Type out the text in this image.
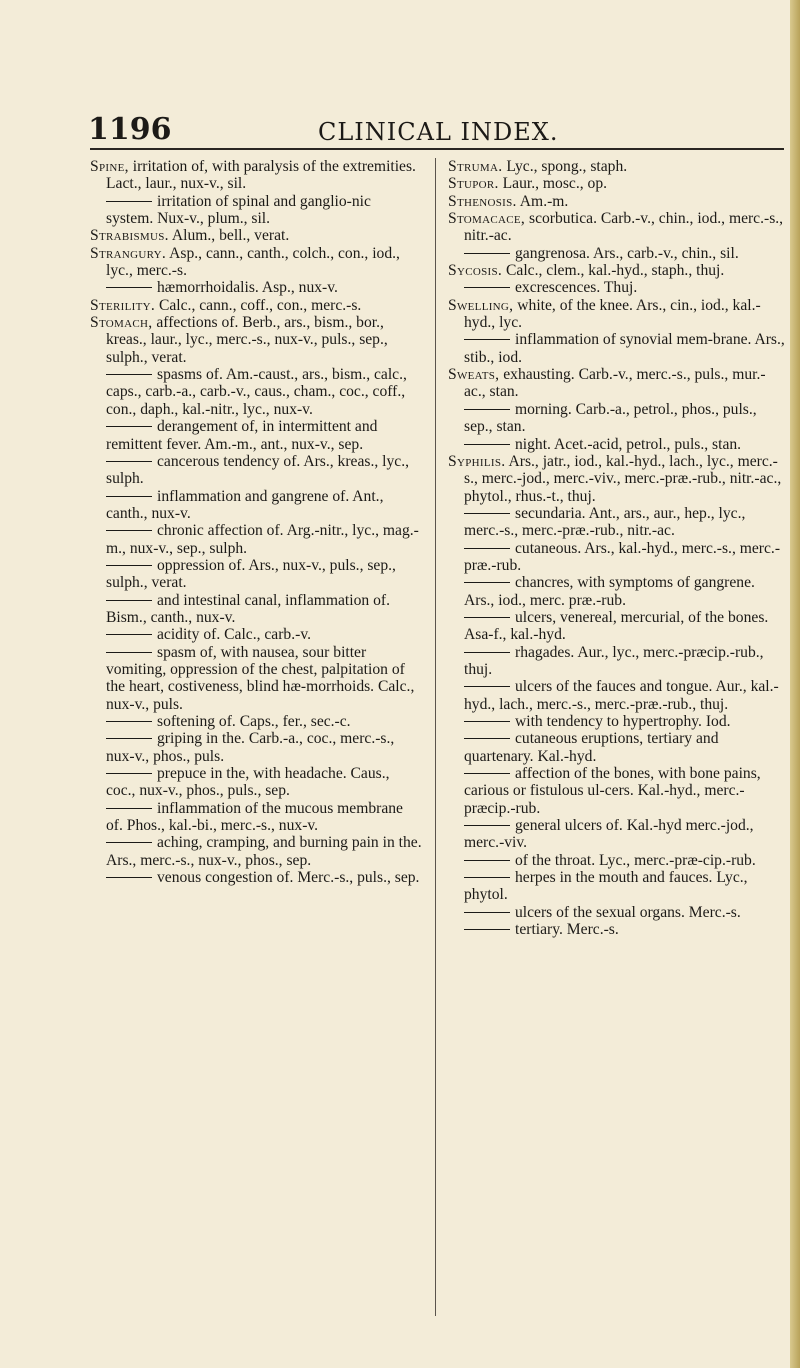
1196	CLINICAL INDEX.

Spine, irritation of, with paralysis of the extremities. Lact., laur., nux-v., sil.

irritation of spinal and ganglio-nic system. Nux-v., plum., sil.

Strabismus. Alum., bell., verat.

Strangury. Asp., cann., canth., colch., con., iod., lyc., merc.-s.

hæmorrhoidalis. Asp., nux-v.

Sterility. Calc., cann., coff., con., merc.-s.

Stomach, affections of. Berb., ars., bism., bor., kreas., laur., lyc., merc.-s., nux-v., puls., sep., sulph., verat.

spasms of. Am.-caust., ars., bism., calc., caps., carb.-a., carb.-v., caus., cham., coc., coff., con., daph., kal.-nitr., lyc., nux-v.

derangement of, in intermittent and remittent fever. Am.-m., ant., nux-v., sep.

cancerous tendency of. Ars., kreas., lyc., sulph.

inflammation and gangrene of. Ant., canth., nux-v.

chronic affection of. Arg.-nitr., lyc., mag.-m., nux-v., sep., sulph.

oppression of. Ars., nux-v., puls., sep., sulph., verat.

and intestinal canal, inflammation of. Bism., canth., nux-v.

acidity of. Calc., carb.-v.

spasm of, with nausea, sour bitter vomiting, oppression of the chest, palpitation of the heart, costiveness, blind hæ-morrhoids. Calc., nux-v., puls.

softening of. Caps., fer., sec.-c.

griping in the. Carb.-a., coc., merc.-s., nux-v., phos., puls.

prepuce in the, with headache. Caus., coc., nux-v., phos., puls., sep.

inflammation of the mucous membrane of. Phos., kal.-bi., merc.-s., nux-v.

aching, cramping, and burning pain in the. Ars., merc.-s., nux-v., phos., sep.

venous congestion of. Merc.-s., puls., sep.

Struma. Lyc., spong., staph.

Stupor. Laur., mosc., op.

Sthenosis. Am.-m.

Stomacace, scorbutica. Carb.-v., chin., iod., merc.-s., nitr.-ac.

gangrenosa. Ars., carb.-v., chin., sil.

Sycosis. Calc., clem., kal.-hyd., staph., thuj.

excrescences. Thuj.

Swelling, white, of the knee. Ars., cin., iod., kal.-hyd., lyc.

inflammation of synovial mem-brane. Ars., stib., iod.

Sweats, exhausting. Carb.-v., merc.-s., puls., mur.-ac., stan.

morning. Carb.-a., petrol., phos., puls., sep., stan.

night. Acet.-acid, petrol., puls., stan.

Syphilis. Ars., jatr., iod., kal.-hyd., lach., lyc., merc.-s., merc.-jod., merc.-viv., merc.-præ.-rub., nitr.-ac., phytol., rhus.-t., thuj.

secundaria. Ant., ars., aur., hep., lyc., merc.-s., merc.-præ.-rub., nitr.-ac.

cutaneous. Ars., kal.-hyd., merc.-s., merc.-præ.-rub.

chancres, with symptoms of gangrene. Ars., iod., merc. præ.-rub.

ulcers, venereal, mercurial, of the bones. Asa-f., kal.-hyd.

rhagades. Aur., lyc., merc.-præcip.-rub., thuj.

ulcers of the fauces and tongue. Aur., kal.-hyd., lach., merc.-s., merc.-præ.-rub., thuj.

with tendency to hypertrophy. Iod.

cutaneous eruptions, tertiary and quartenary. Kal.-hyd.

affection of the bones, with bone pains, carious or fistulous ul-cers. Kal.-hyd., merc.-præcip.-rub.

general ulcers of. Kal.-hyd merc.-jod., merc.-viv.

of the throat. Lyc., merc.-præ-cip.-rub.

herpes in the mouth and fauces. Lyc., phytol.

ulcers of the sexual organs. Merc.-s.

tertiary. Merc.-s.
